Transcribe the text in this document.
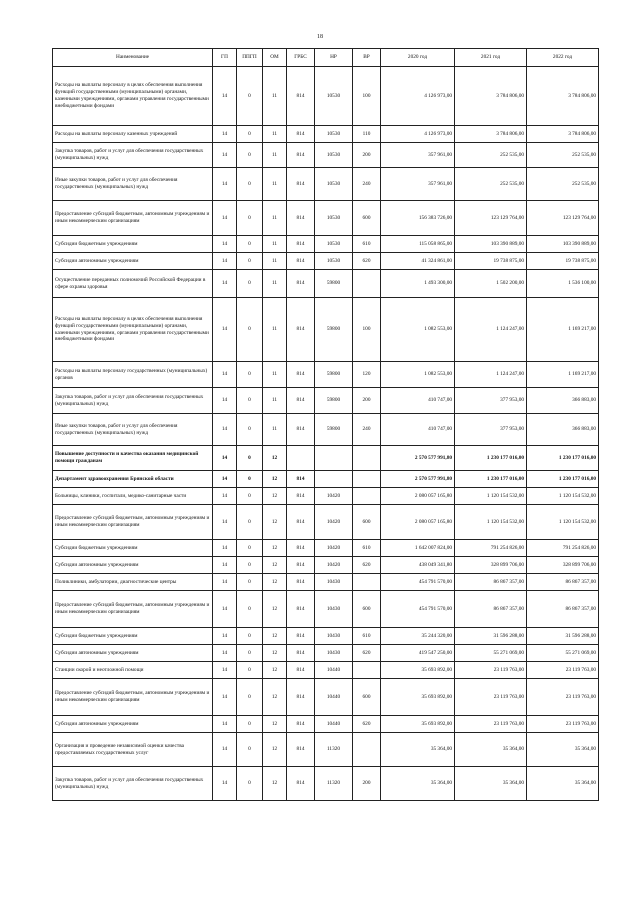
18
Наименование	ГП	ППГП	ОМ	ГРБС	НР	ВР	2020 год	2021 год	2022 год
Расходы на выплаты персоналу в целях обеспечения выполнения функций государственными (муниципальными) органами, казенными учреждениями, органами управления государственными внебюджетными фондами	14	0	11	814	10530	100	4 126 973,00	3 784 806,00	3 784 806,00
Расходы на выплаты персоналу казенных учреждений	14	0	11	814	10530	110	4 126 973,00	3 784 806,00	3 784 806,00
Закупка товаров, работ и услуг для обеспечения государственных (муниципальных) нужд	14	0	11	814	10530	200	357 961,00	252 535,00	252 535,00
Иные закупки товаров, работ и услуг для обеспечения государственных (муниципальных) нужд	14	0	11	814	10530	240	357 961,00	252 535,00	252 535,00
Предоставление субсидий бюджетным, автономным учреждениям и иным некоммерческим организациям	14	0	11	814	10530	600	156 383 726,00	123 129 764,00	123 129 764,00
Субсидии бюджетным учреждениям	14	0	11	814	10530	610	115 058 865,00	103 390 889,00	103 390 889,00
Субсидии автономным учреждениям	14	0	11	814	10530	620	41 324 861,00	19 738 875,00	19 738 875,00
Осуществление переданных полномочий Российской Федерации в сфере охраны здоровья	14	0	11	814	59800		1 493 300,00	1 502 200,00	1 536 100,00
Расходы на выплаты персоналу в целях обеспечения выполнения функций государственными (муниципальными) органами, казенными учреждениями, органами управления государственными внебюджетными фондами	14	0	11	814	59800	100	1 082 553,00	1 124 247,00	1 169 217,00
Расходы на выплаты персоналу государственных (муниципальных) органов	14	0	11	814	59800	120	1 082 553,00	1 124 247,00	1 169 217,00
Закупка товаров, работ и услуг для обеспечения государственных (муниципальных) нужд	14	0	11	814	59800	200	410 747,00	377 953,00	366 883,00
Иные закупки товаров, работ и услуг для обеспечения государственных (муниципальных) нужд	14	0	11	814	59800	240	410 747,00	377 953,00	366 883,00
Повышение доступности и качества оказания медицинской помощи гражданам	14	0	12				2 570 577 991,80	1 230 177 016,00	1 230 177 016,00
Департамент здравоохранения Брянской области	14	0	12	814			2 570 577 991,80	1 230 177 016,00	1 230 177 016,00
Больницы, клиники, госпитали, медико-санитарные части	14	0	12	814	10420		2 080 057 165,80	1 120 154 532,00	1 120 154 532,00
Предоставление субсидий бюджетным, автономным учреждениям и иным некоммерческим организациям	14	0	12	814	10420	600	2 080 057 165,80	1 120 154 532,00	1 120 154 532,00
Субсидии бюджетным учреждениям	14	0	12	814	10420	610	1 642 007 824,00	791 254 826,00	791 254 826,00
Субсидии автономным учреждениям	14	0	12	814	10420	620	438 049 341,80	328 899 706,00	328 899 706,00
Поликлиники, амбулатории, диагностические центры	14	0	12	814	10430		454 791 570,00	86 867 357,00	86 867 357,00
Предоставление субсидий бюджетным, автономным учреждениям и иным некоммерческим организациям	14	0	12	814	10430	600	454 791 570,00	86 867 357,00	86 867 357,00
Субсидии бюджетным учреждениям	14	0	12	814	10430	610	35 244 320,00	31 596 288,00	31 596 288,00
Субсидии автономным учреждениям	14	0	12	814	10430	620	419 547 250,00	55 271 069,00	55 271 069,00
Станции скорой и неотложной помощи	14	0	12	814	10440		35 693 892,00	23 119 763,00	23 119 763,00
Предоставление субсидий бюджетным, автономным учреждениям и иным некоммерческим организациям	14	0	12	814	10440	600	35 693 892,00	23 119 763,00	23 119 763,00
Субсидии автономным учреждениям	14	0	12	814	10440	620	35 693 892,00	23 119 763,00	23 119 763,00
Организация и проведение независимой оценки качества предоставляемых государственных услуг	14	0	12	814	11320		35 364,00	35 364,00	35 364,00
Закупка товаров, работ и услуг для обеспечения государственных (муниципальных) нужд	14	0	12	814	11320	200	35 364,00	35 364,00	35 364,00
